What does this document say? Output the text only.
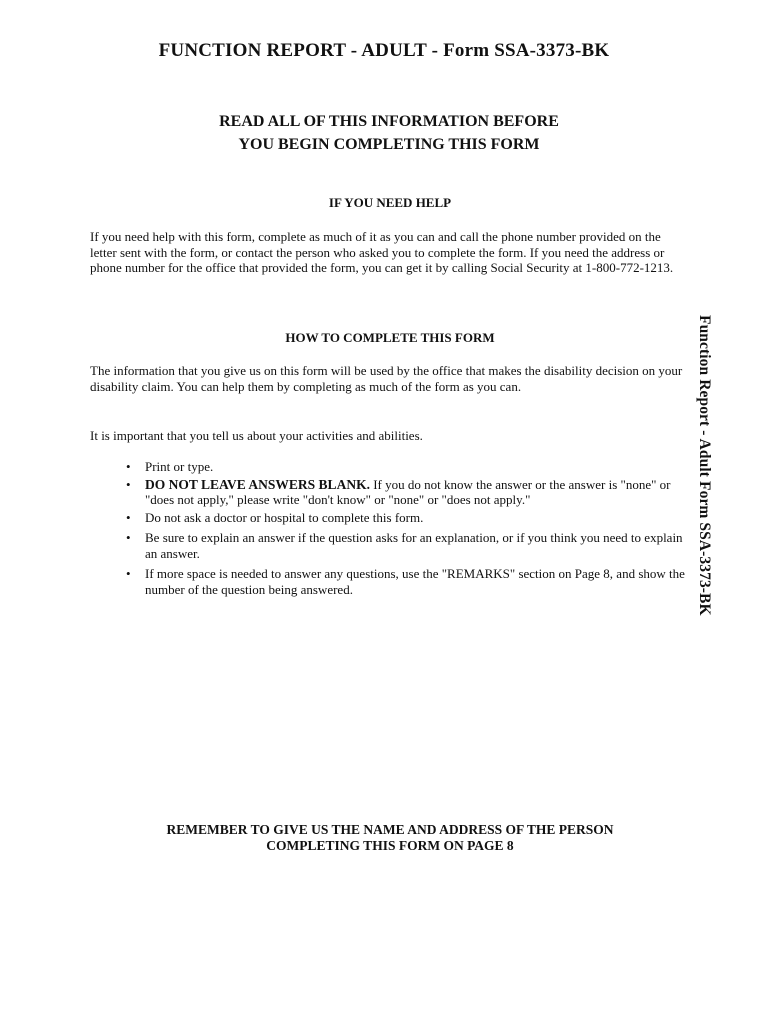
FUNCTION REPORT - ADULT - Form SSA-3373-BK
READ ALL OF THIS INFORMATION BEFORE
YOU BEGIN COMPLETING THIS FORM
IF YOU NEED HELP

If you need help with this form, complete as much of it as you can and call the phone number provided on the letter sent with the form, or contact the person who asked you to complete the form. If you need the address or phone number for the office that provided the form, you can get it by calling Social Security at 1-800-772-1213.

HOW TO COMPLETE THIS FORM

The information that you give us on this form will be used by the office that makes the disability decision on your disability claim. You can help them by completing as much of the form as you can.

It is important that you tell us about your activities and abilities.

• Print or type.
• DO NOT LEAVE ANSWERS BLANK. If you do not know the answer or the answer is "none" or "does not apply," please write "don't know" or "none" or "does not apply."
• Do not ask a doctor or hospital to complete this form.
• Be sure to explain an answer if the question asks for an explanation, or if you think you need to explain an answer.
• If more space is needed to answer any questions, use the "REMARKS" section on Page 8, and show the number of the question being answered.
REMEMBER TO GIVE US THE NAME AND ADDRESS OF THE PERSON
COMPLETING THIS FORM ON PAGE 8
Function Report - Adult Form SSA-3373-BK
